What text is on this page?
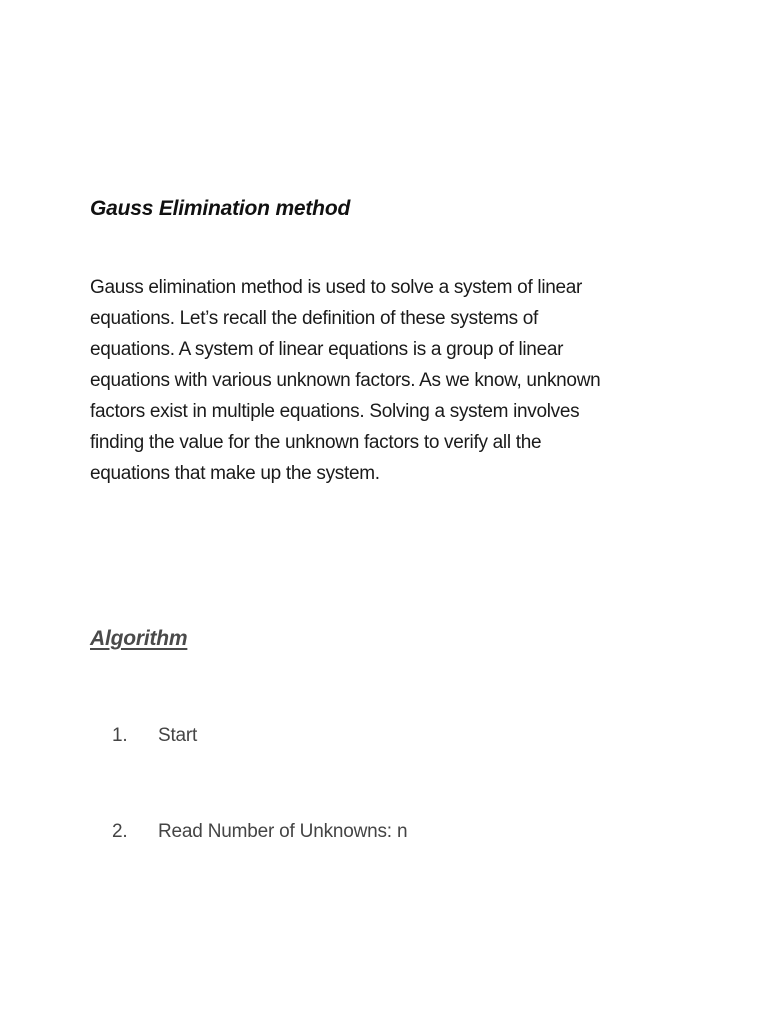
Gauss Elimination method

Gauss elimination method is used to solve a system of linear
equations. Let’s recall the definition of these systems of
equations. A system of linear equations is a group of linear
equations with various unknown factors. As we know, unknown
factors exist in multiple equations. Solving a system involves
finding the value for the unknown factors to verify all the
equations that make up the system.

Algorithm
1. Start
2. Read Number of Unknowns: n
